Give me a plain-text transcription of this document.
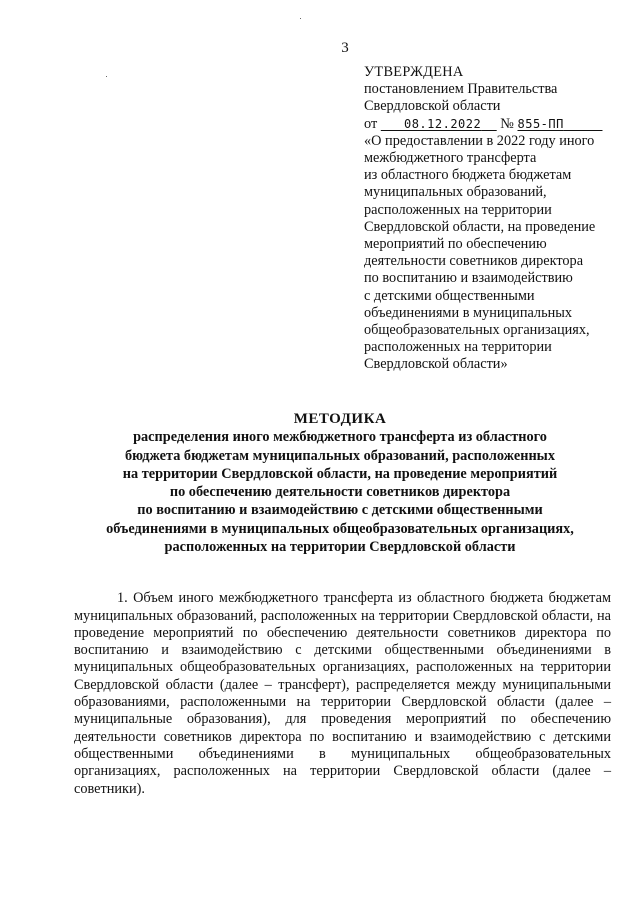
3
УТВЕРЖДЕНА
постановлением Правительства
Свердловской области
от 08.12.2022 № 855-ПП
«О предоставлении в 2022 году иного
межбюджетного трансферта
из областного бюджета бюджетам
муниципальных образований,
расположенных на территории
Свердловской области, на проведение
мероприятий по обеспечению
деятельности советников директора
по воспитанию и взаимодействию
с детскими общественными
объединениями в муниципальных
общеобразовательных организациях,
расположенных на территории
Свердловской области»
МЕТОДИКА
распределения иного межбюджетного трансферта из областного
бюджета бюджетам муниципальных образований, расположенных
на территории Свердловской области, на проведение мероприятий
по обеспечению деятельности советников директора
по воспитанию и взаимодействию с детскими общественными
объединениями в муниципальных общеобразовательных организациях,
расположенных на территории Свердловской области

1. Объем иного межбюджетного трансферта из областного бюджета бюджетам муниципальных образований, расположенных на территории Свердловской области, на проведение мероприятий по обеспечению деятельности советников директора по воспитанию и взаимодействию с детскими общественными объединениями в муниципальных общеобразовательных организациях, расположенных на территории Свердловской области (далее – трансферт), распределяется между муниципальными образованиями, расположенными на территории Свердловской области (далее – муниципальные образования), для проведения мероприятий по обеспечению деятельности советников директора по воспитанию и взаимодействию с детскими общественными объединениями в муниципальных общеобразовательных организациях, расположенных на территории Свердловской области (далее – советники).
